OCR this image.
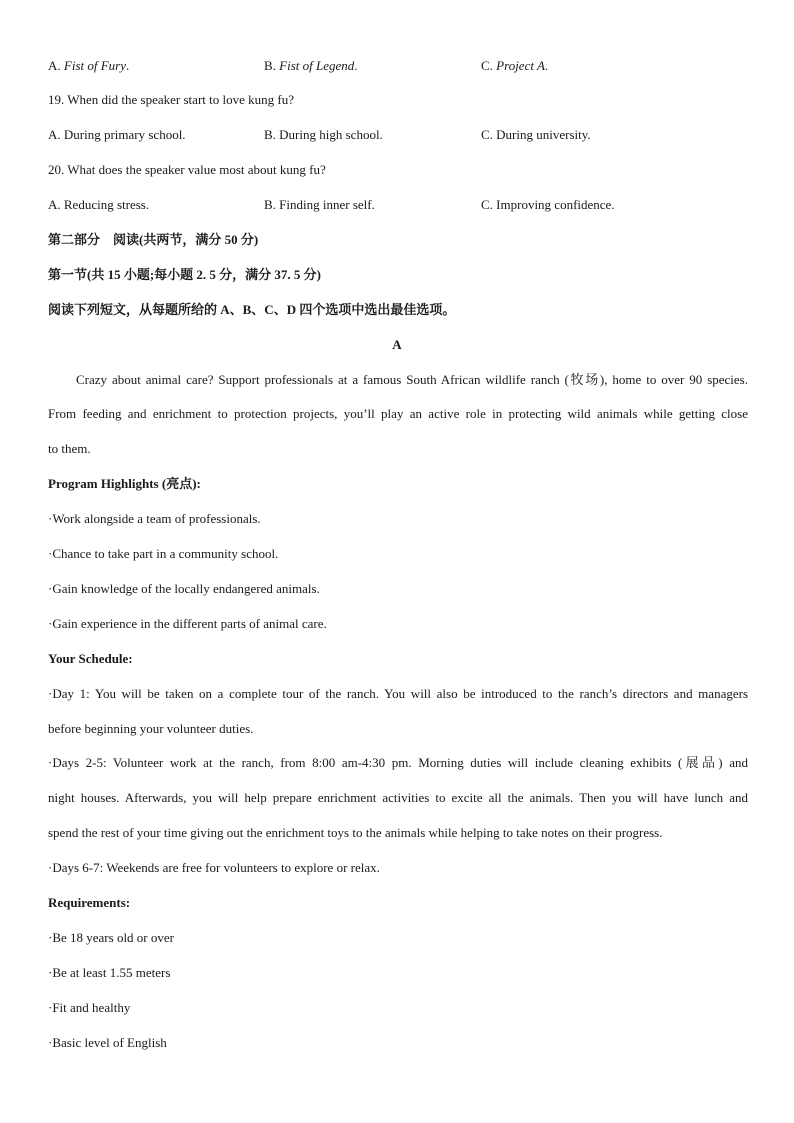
A. Fist of Fury.	B. Fist of Legend.	C. Project A.
19. When did the speaker start to love kung fu?
A. During primary school.	B. During high school.	C. During university.
20. What does the speaker value most about kung fu?
A. Reducing stress.	B. Finding inner self.	C. Improving confidence.
第二部分　阅读(共两节，满分 50 分)
第一节(共 15 小题;每小题 2. 5 分，满分 37. 5 分)
阅读下列短文，从每题所给的 A、B、C、D 四个选项中选出最佳选项。
A
Crazy about animal care? Support professionals at a famous South African wildlife ranch (牧场), home to over 90 species.
From feeding and enrichment to protection projects, you’ll play an active role in protecting wild animals while getting close
to them.
Program Highlights (亮点):
·Work alongside a team of professionals.
·Chance to take part in a community school.
·Gain knowledge of the locally endangered animals.
·Gain experience in the different parts of animal care.
Your Schedule:
·Day 1: You will be taken on a complete tour of the ranch. You will also be introduced to the ranch’s directors and managers
before beginning your volunteer duties.
·Days 2-5: Volunteer work at the ranch, from 8:00 am-4:30 pm. Morning duties will include cleaning exhibits (展品) and
night houses. Afterwards, you will help prepare enrichment activities to excite all the animals. Then you will have lunch and
spend the rest of your time giving out the enrichment toys to the animals while helping to take notes on their progress.
·Days 6-7: Weekends are free for volunteers to explore or relax.
Requirements:
·Be 18 years old or over
·Be at least 1.55 meters
·Fit and healthy
·Basic level of English
